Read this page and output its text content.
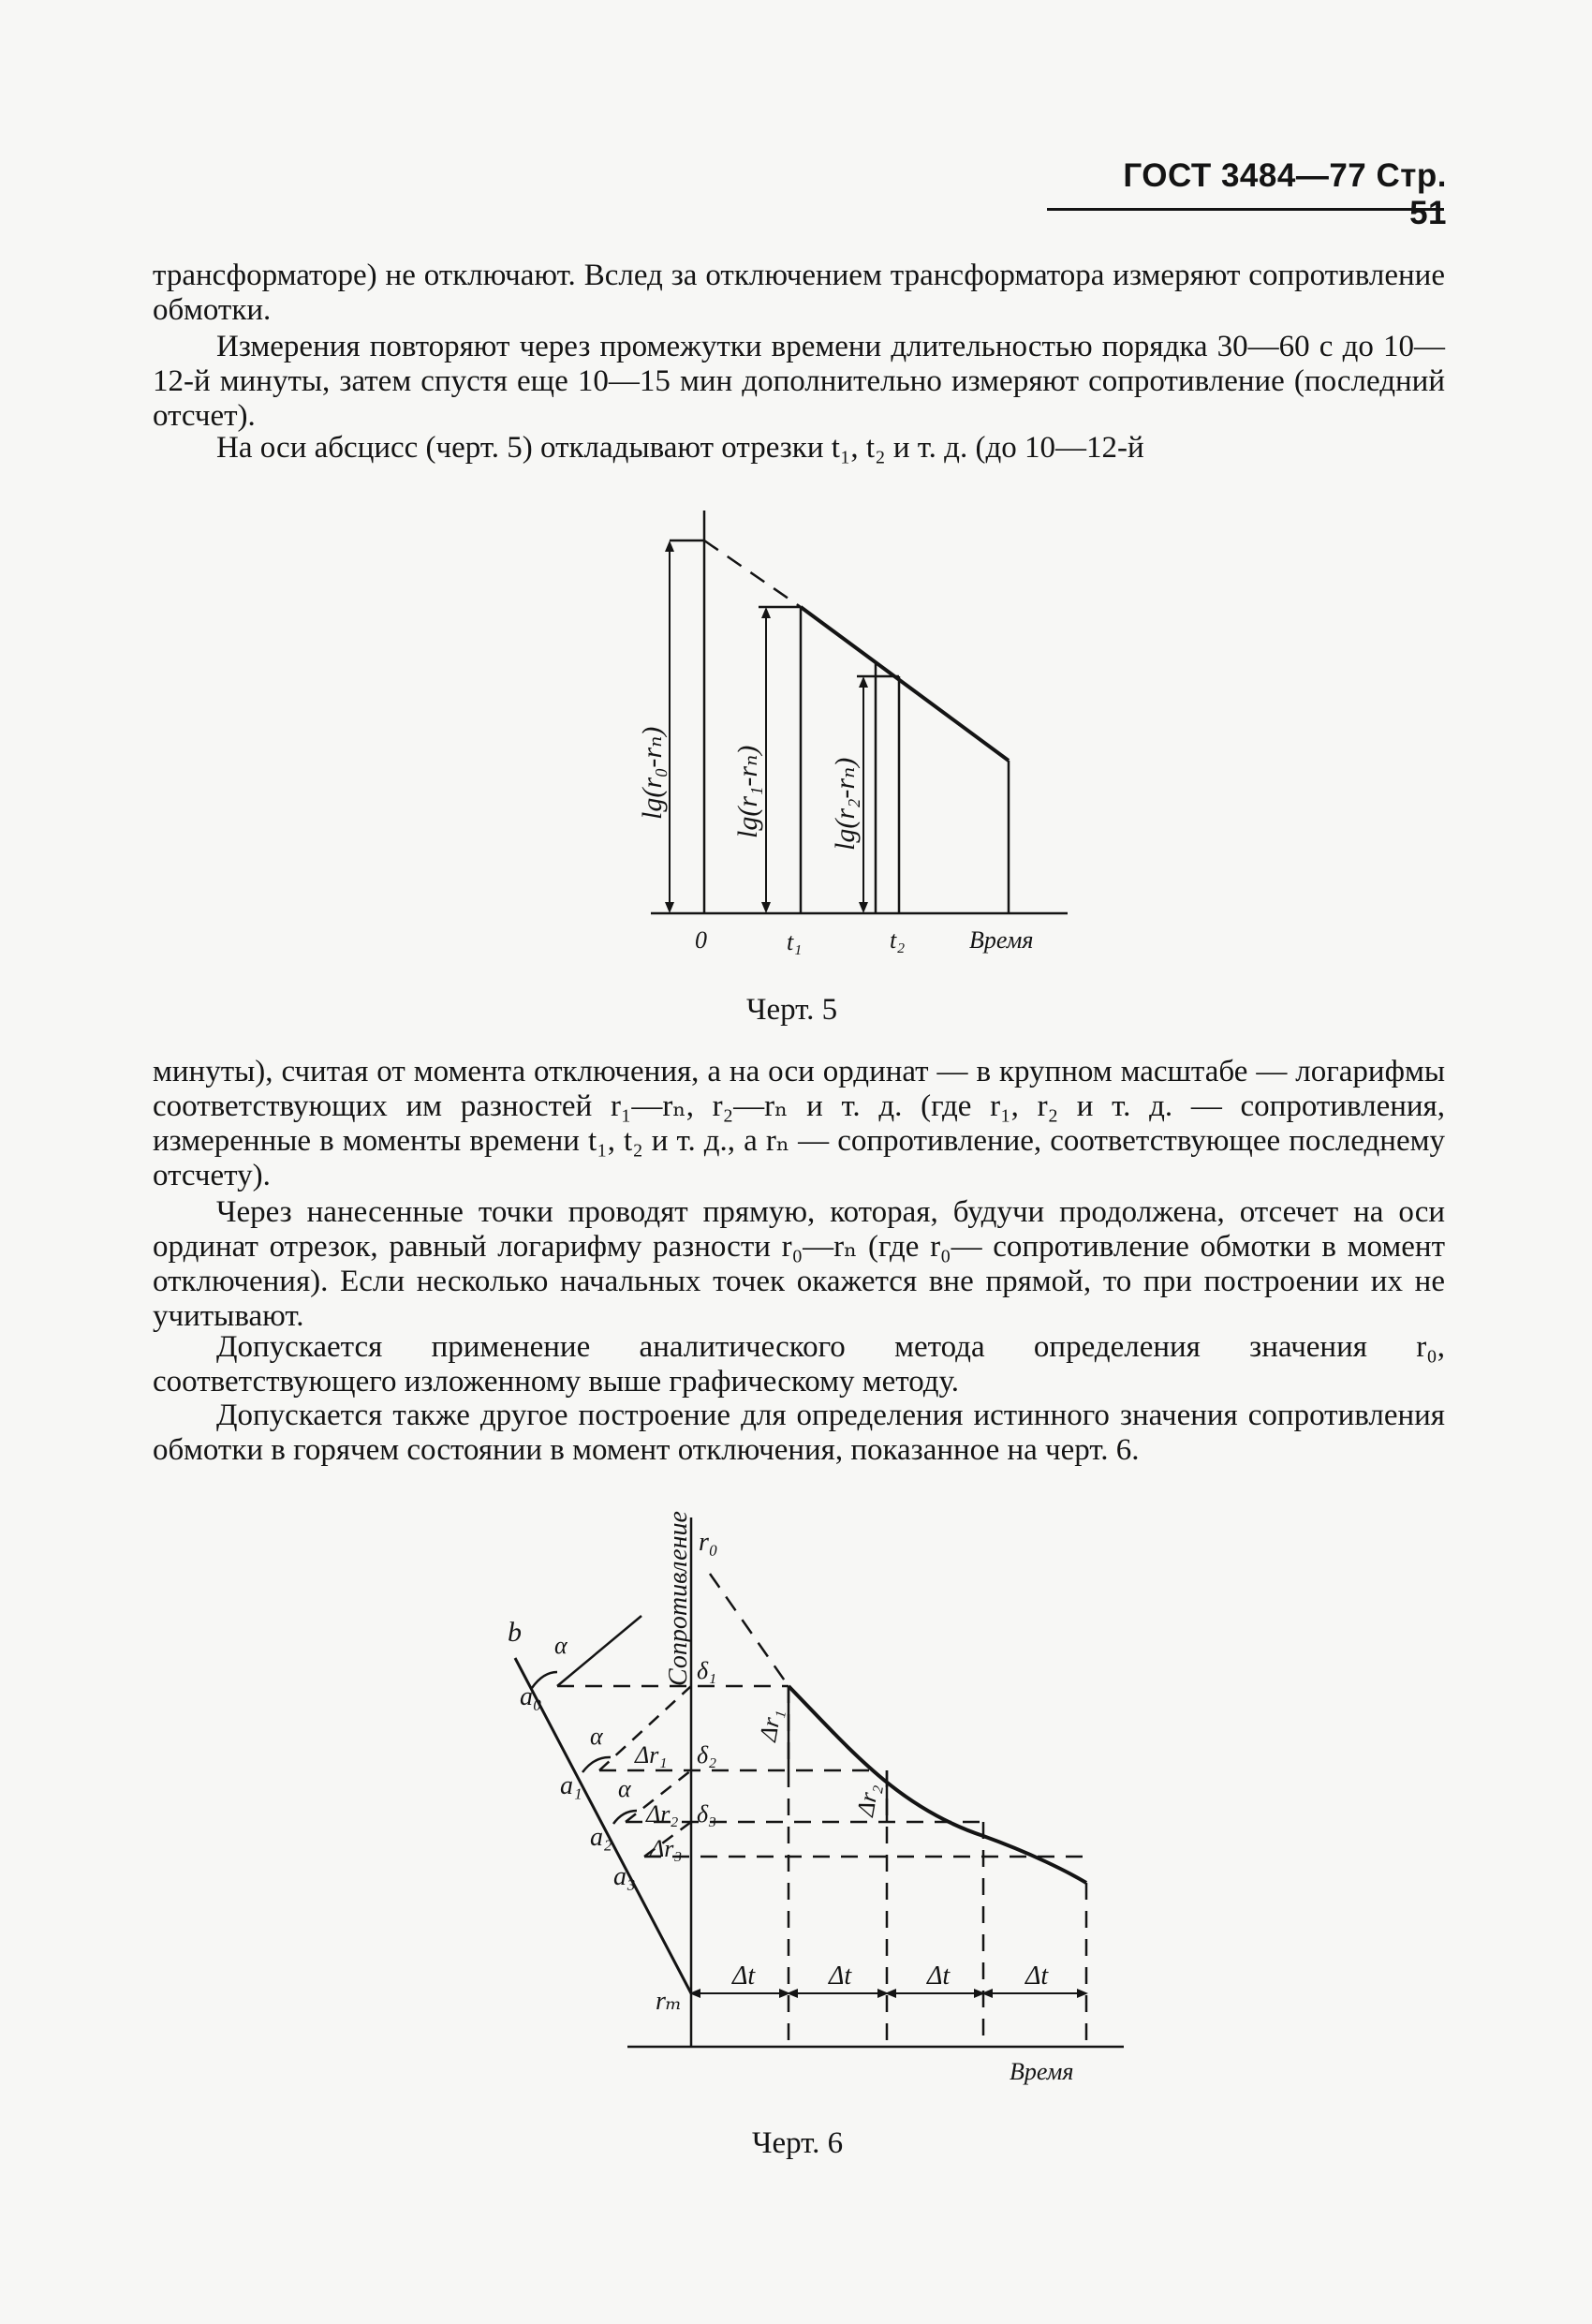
ГОСТ 3484—77 Стр. 51

трансформаторе) не отключают. Вслед за отключением трансформатора измеряют сопротивление обмотки.

Измерения повторяют через промежутки времени длительностью порядка 30—60 с до 10—12-й минуты, затем спустя еще 10—15 мин дополнительно измеряют сопротивление (последний отсчет).

На оси абсцисс (черт. 5) откладывают отрезки t₁, t₂ и т. д. (до 10—12-й

lg(r₀-rₙ) lg(r₁-rₙ) lg(r₂-rₙ)
0	t₁	t₂	Время
Черт. 5

минуты), считая от момента отключения, а на оси ординат — в крупном масштабе — логарифмы соответствующих им разностей r₁—rₙ, r₂—rₙ и т. д. (где r₁, r₂ и т. д. — сопротивления, измеренные в моменты времени t₁, t₂ и т. д., а rₙ — сопротивление, соответствующее последнему отсчету).

Через нанесенные точки проводят прямую, которая, будучи продолжена, отсечет на оси ординат отрезок, равный логарифму разности r₀—rₙ (где r₀— сопротивление обмотки в момент отключения). Если несколько начальных точек окажется вне прямой, то при построении их не учитывают.

Допускается применение аналитического метода определения значения r₀, соответствующего изложенному выше графическому методу.

Допускается также другое построение для определения истинного значения сопротивления обмотки в горячем состоянии в момент отключения, показанное на черт. 6.

Сопротивление r₀
b α
a₀
δ₁
Δr₁
α
Δr₁ δ₂
a₁ α	Δr₂
Δr₂ δ₃
a₂ Δr₃
a₃
rₘ
Δt	Δt	Δt	Δt
Время
Черт. 6
